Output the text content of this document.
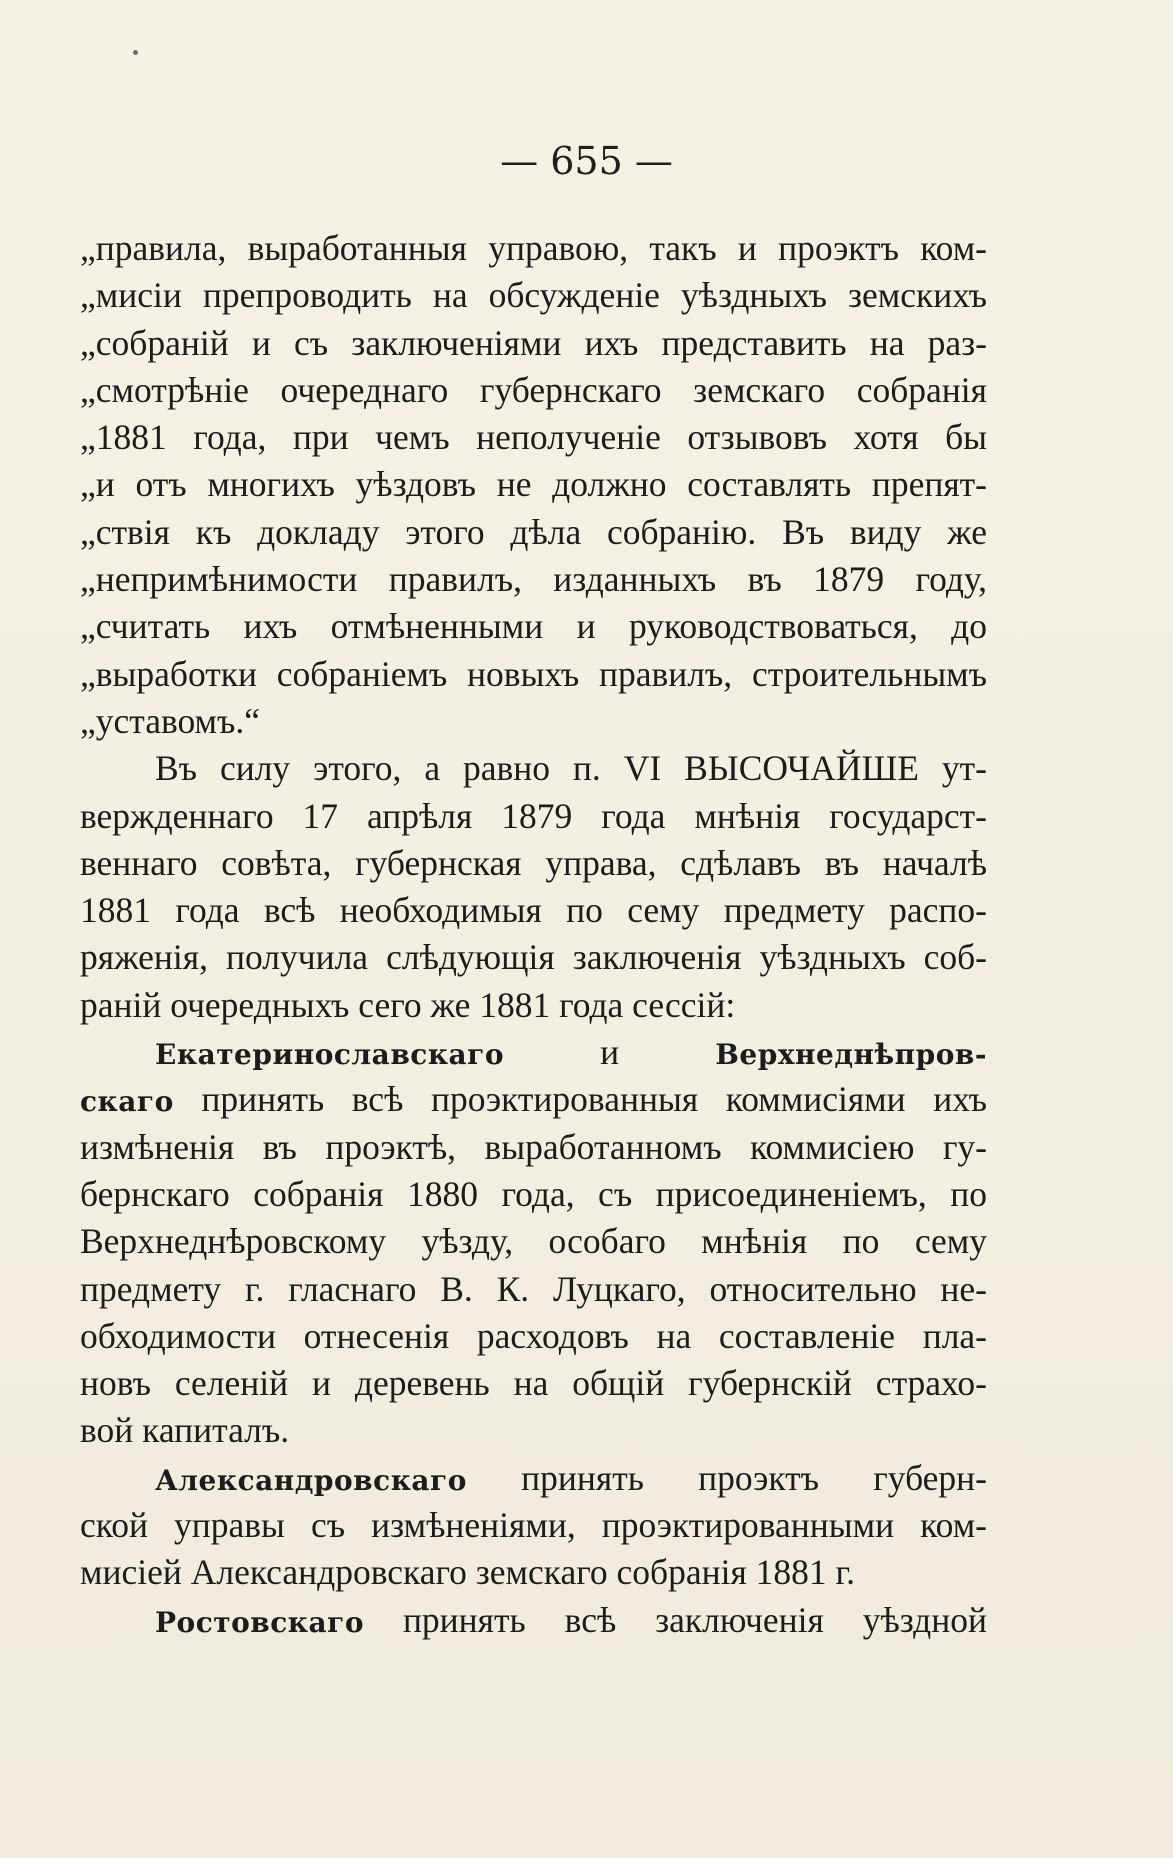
— 655 —

„правила, выработанныя управою, такъ и проэктъ ком-
„мисіи препроводить на обсужденіе уѣздныхъ земскихъ
„собраній и съ заключеніями ихъ представить на раз-
„смотрѣніе очереднаго губернскаго земскаго собранія
„1881 года, при чемъ неполученіе отзывовъ хотя бы
„и отъ многихъ уѣздовъ не должно составлять препят-
„ствія къ докладу этого дѣла собранію. Въ виду же
„непримѣнимости правилъ, изданныхъ въ 1879 году,
„считать ихъ отмѣненными и руководствоваться, до
„выработки собраніемъ новыхъ правилъ, строительнымъ
„уставомъ.“
Въ силу этого, а равно п. VI ВЫСОЧАЙШЕ ут-
вержденнаго 17 апрѣля 1879 года мнѣнія государст-
веннаго совѣта, губернская управа, сдѣлавъ въ началѣ
1881 года всѣ необходимыя по сему предмету распо-
ряженія, получила слѣдующія заключенія уѣздныхъ соб-
раній очередныхъ сего же 1881 года сессій:
Екатеринославскаго и Верхнеднѣпров-
скаго принять всѣ проэктированныя коммисіями ихъ
измѣненія въ проэктѣ, выработанномъ коммисіею гу-
бернскаго собранія 1880 года, съ присоединеніемъ, по
Верхнеднѣровскому уѣзду, особаго мнѣнія по сему
предмету г. гласнаго В. К. Луцкаго, относительно не-
обходимости отнесенія расходовъ на составленіе пла-
новъ селеній и деревень на общій губернскій страхо-
вой капиталъ.
Александровскаго принять проэктъ губерн-
ской управы съ измѣненіями, проэктированными ком-
мисіей Александровскаго земскаго собранія 1881 г.
Ростовскаго принять всѣ заключенія уѣздной
